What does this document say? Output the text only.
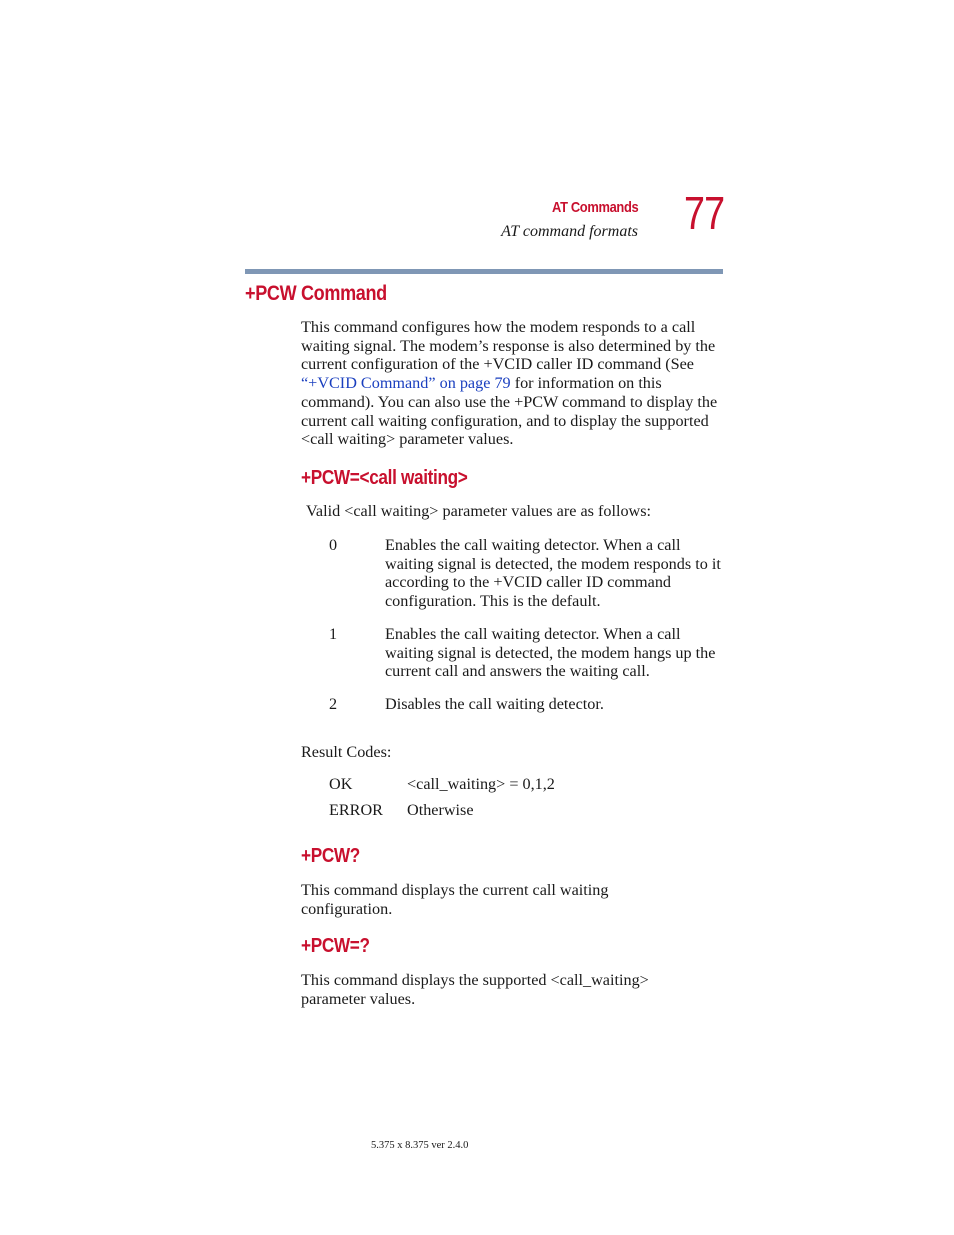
AT Commands
AT command formats 77
+PCW Command
This command configures how the modem responds to a call waiting signal. The modem’s response is also determined by the current configuration of the +VCID caller ID command (See “+VCID Command” on page 79 for information on this command). You can also use the +PCW command to display the current call waiting configuration, and to display the supported <call waiting> parameter values.
+PCW=<call waiting>
Valid <call waiting> parameter values are as follows:
0	Enables the call waiting detector. When a call waiting signal is detected, the modem responds to it according to the +VCID caller ID command configuration. This is the default.
1	Enables the call waiting detector. When a call waiting signal is detected, the modem hangs up the current call and answers the waiting call.
2	Disables the call waiting detector.
Result Codes:
OK	<call_waiting> = 0,1,2
ERROR Otherwise
+PCW?
This command displays the current call waiting configuration.
+PCW=?
This command displays the supported <call_waiting> parameter values.
5.375 x 8.375 ver 2.4.0
